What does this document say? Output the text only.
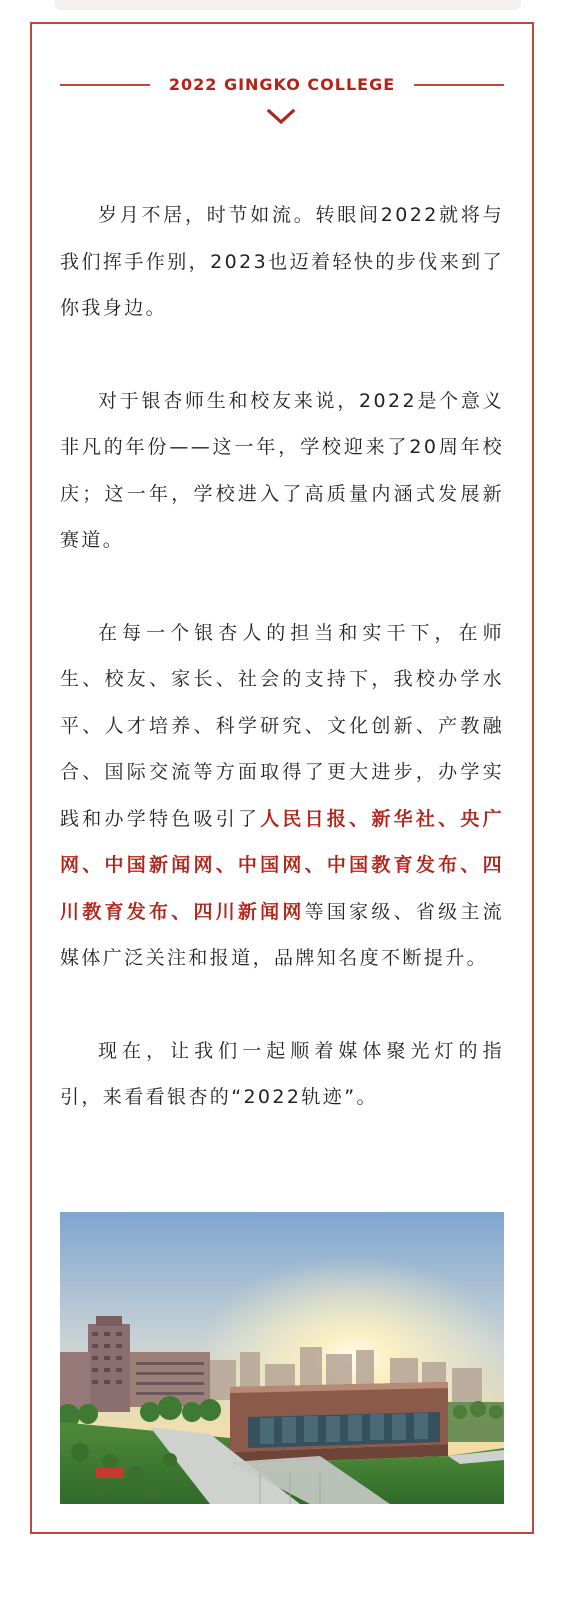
2022 GINGKO COLLEGE

岁月不居，时节如流。转眼间2022就将与我们挥手作别，2023也迈着轻快的步伐来到了你我身边。

对于银杏师生和校友来说，2022是个意义非凡的年份——这一年，学校迎来了20周年校庆；这一年，学校进入了高质量内涵式发展新赛道。

在每一个银杏人的担当和实干下，在师生、校友、家长、社会的支持下，我校办学水平、人才培养、科学研究、文化创新、产教融合、国际交流等方面取得了更大进步，办学实践和办学特色吸引了人民日报、新华社、央广网、中国新闻网、中国网、中国教育发布、四川教育发布、四川新闻网等国家级、省级主流媒体广泛关注和报道，品牌知名度不断提升。

现在，让我们一起顺着媒体聚光灯的指引，来看看银杏的“2022轨迹”。
